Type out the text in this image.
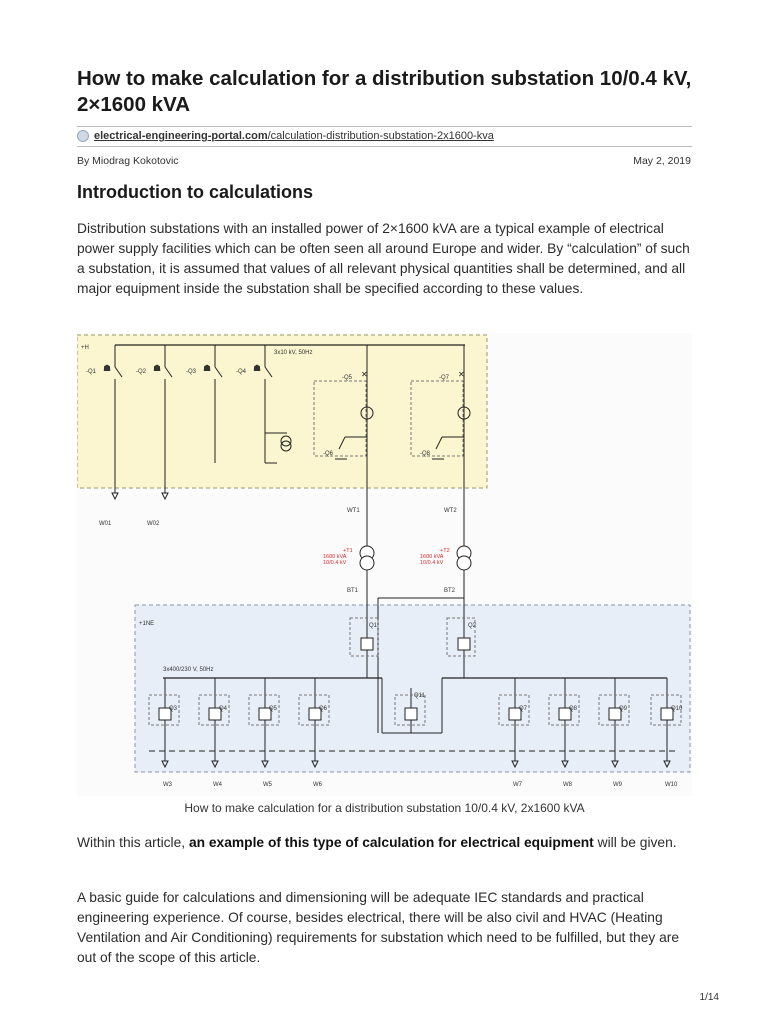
How to make calculation for a distribution substation 10/0.4 kV, 2×1600 kVA
electrical-engineering-portal.com/calculation-distribution-substation-2x1600-kva
By Miodrag Kokotovic	May 2, 2019
Introduction to calculations

Distribution substations with an installed power of 2×1600 kVA are a typical example of electrical power supply facilities which can be often seen all around Europe and wider. By “calculation” of such a substation, it is assumed that values of all relevant physical quantities shall be determined, and all major equipment inside the substation shall be specified according to these values.

+H
+1NE
3x10 kV, 50Hz
-Q1 ☗	-Q2 ☗	-Q3 ☗	-Q4 ☗
W01	W02
✕
-Q5
-Q6
✕
-Q7
-Q8
WT1	WT2
+T1
1600 kVA
10/0.4 kV
+T2
1600 kVA
10/0.4 kV
BT1	BT2
Q1	Q2
3x400/230 V, 50Hz
Q11
Q3
W3
Q4
W4
Q5
W5
Q6
W6
Q7
W7
Q8
W8
Q9
W9
Q10
W10
How to make calculation for a distribution substation 10/0.4 kV, 2x1600 kVA

Within this article, an example of this type of calculation for electrical equipment will be given.

A basic guide for calculations and dimensioning will be adequate IEC standards and practical engineering experience. Of course, besides electrical, there will be also civil and HVAC (Heating Ventilation and Air Conditioning) requirements for substation which need to be fulfilled, but they are out of the scope of this article.

1/14
